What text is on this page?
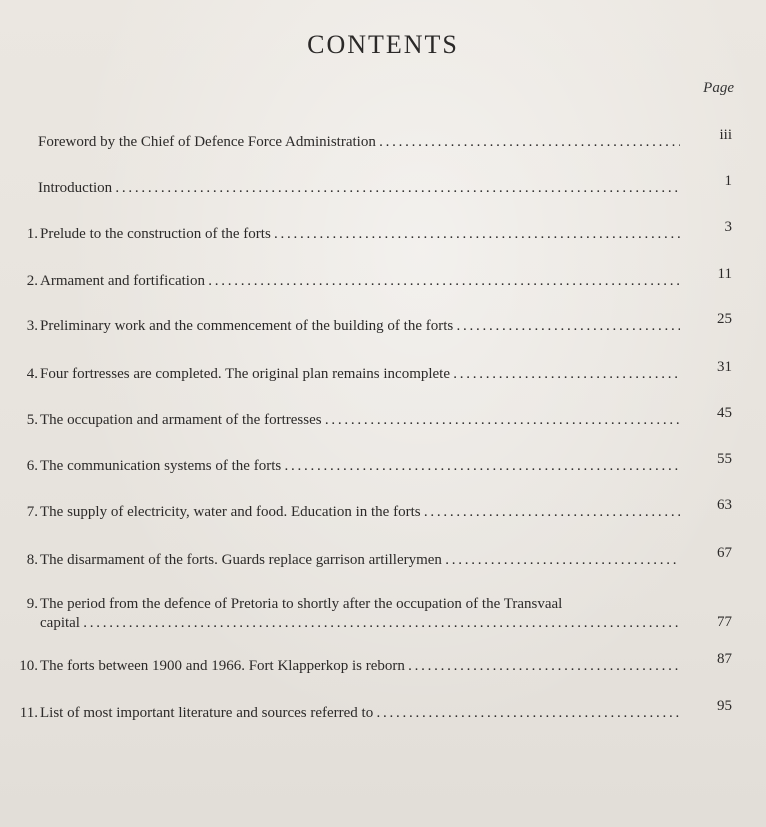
CONTENTS
Page
Foreword by the Chief of Defence Force Administration . . .	iii
Introduction . . .	1
1. Prelude to the construction of the forts . . .	3
2. Armament and fortification . . .	11
3. Preliminary work and the commencement of the building of the forts . . .	25
4. Four fortresses are completed. The original plan remains incomplete . . .	31
5. The occupation and armament of the fortresses . . .	45
6. The communication systems of the forts . . .	55
7. The supply of electricity, water and food. Education in the forts . . .	63
8. The disarmament of the forts. Guards replace garrison artillerymen . . .	67
9. The period from the defence of Pretoria to shortly after the occupation of the Transvaal
capital . . .	77
10. The forts between 1900 and 1966. Fort Klapperkop is reborn . . .	87
11. List of most important literature and sources referred to . . .	95
